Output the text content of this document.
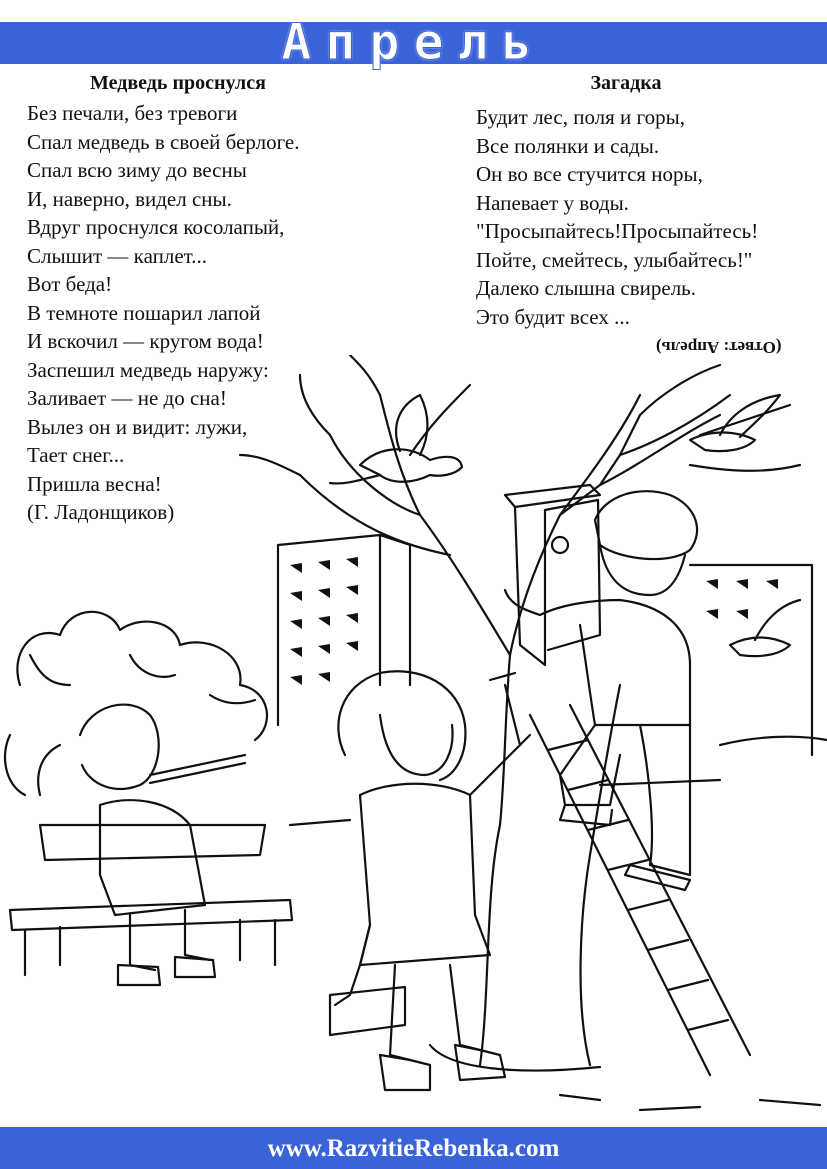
Апрель
Медведь проснулся
Без печали, без тревоги
Спал медведь в своей берлоге.
Спал всю зиму до весны
И, наверно, видел сны.
Вдруг проснулся косолапый,
Слышит — каплет...
Вот беда!
В темноте пошарил лапой
И вскочил — кругом вода!
Заспешил медведь наружу:
Заливает — не до сна!
Вылез он и видит: лужи,
Тает снег...
Пришла весна!
(Г. Ладонщиков)
Загадка
Будит лес, поля и горы,
Все полянки и сады.
Он во все стучится норы,
Напевает у воды.
"Просыпайтесь!Просыпайтесь!
Пойте, смейтесь, улыбайтесь!"
Далеко слышна свирель.
Это будит всех ...
(Ответ: Апрель)
www.RazvitieRebenka.com
